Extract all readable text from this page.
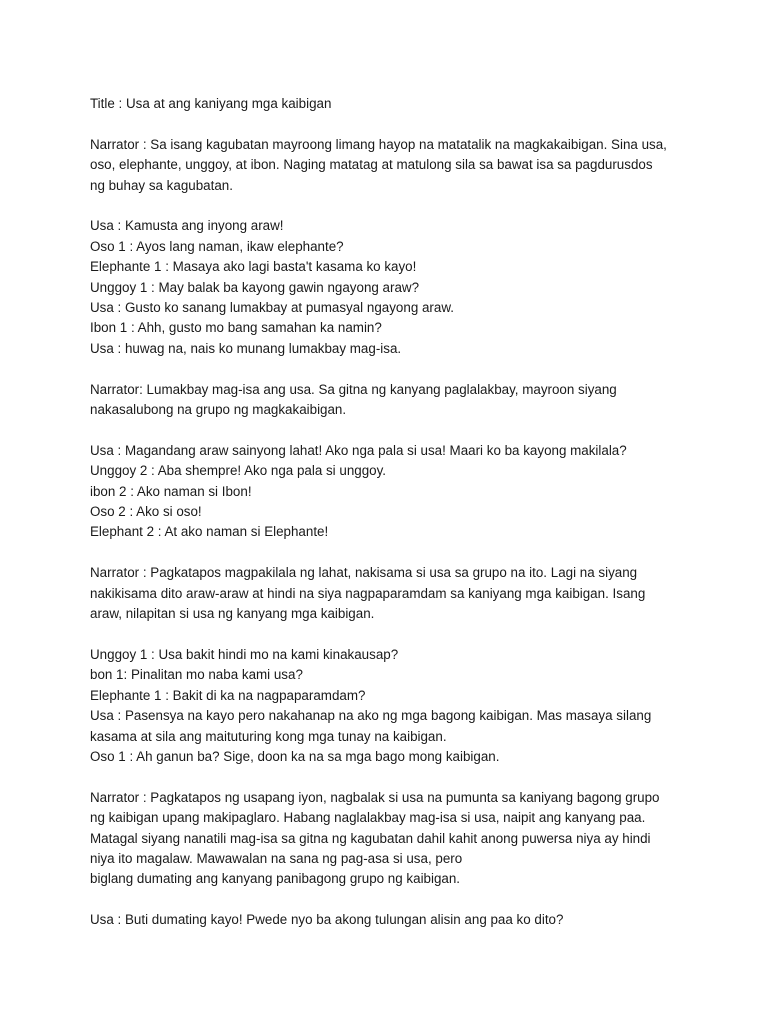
Title : Usa at ang kaniyang mga kaibigan
Narrator : Sa isang kagubatan mayroong limang hayop na matatalik na magkakaibigan. Sina usa,
oso, elephante, unggoy, at ibon. Naging matatag at matulong sila sa bawat isa sa pagdurusdos
ng buhay sa kagubatan.
Usa : Kamusta ang inyong araw!
Oso 1 : Ayos lang naman, ikaw elephante?
Elephante 1 : Masaya ako lagi basta't kasama ko kayo!
Unggoy 1 : May balak ba kayong gawin ngayong araw?
Usa : Gusto ko sanang lumakbay at pumasyal ngayong araw.
Ibon 1 : Ahh, gusto mo bang samahan ka namin?
Usa : huwag na, nais ko munang lumakbay mag-isa.
Narrator: Lumakbay mag-isa ang usa. Sa gitna ng kanyang paglalakbay, mayroon siyang
nakasalubong na grupo ng magkakaibigan.
Usa : Magandang araw sainyong lahat! Ako nga pala si usa! Maari ko ba kayong makilala?
Unggoy 2 : Aba shempre! Ako nga pala si unggoy.
ibon 2 : Ako naman si Ibon!
Oso 2 : Ako si oso!
Elephant 2 : At ako naman si Elephante!
Narrator : Pagkatapos magpakilala ng lahat, nakisama si usa sa grupo na ito. Lagi na siyang
nakikisama dito araw-araw at hindi na siya nagpaparamdam sa kaniyang mga kaibigan. Isang
araw, nilapitan si usa ng kanyang mga kaibigan.
Unggoy 1 : Usa bakit hindi mo na kami kinakausap?
bon 1: Pinalitan mo naba kami usa?
Elephante 1 : Bakit di ka na nagpaparamdam?
Usa : Pasensya na kayo pero nakahanap na ako ng mga bagong kaibigan. Mas masaya silang
kasama at sila ang maituturing kong mga tunay na kaibigan.
Oso 1 : Ah ganun ba? Sige, doon ka na sa mga bago mong kaibigan.
Narrator : Pagkatapos ng usapang iyon, nagbalak si usa na pumunta sa kaniyang bagong grupo
ng kaibigan upang makipaglaro. Habang naglalakbay mag-isa si usa, naipit ang kanyang paa.
Matagal siyang nanatili mag-isa sa gitna ng kagubatan dahil kahit anong puwersa niya ay hindi
niya ito magalaw. Mawawalan na sana ng pag-asa si usa, pero
biglang dumating ang kanyang panibagong grupo ng kaibigan.
Usa : Buti dumating kayo! Pwede nyo ba akong tulungan alisin ang paa ko dito?
